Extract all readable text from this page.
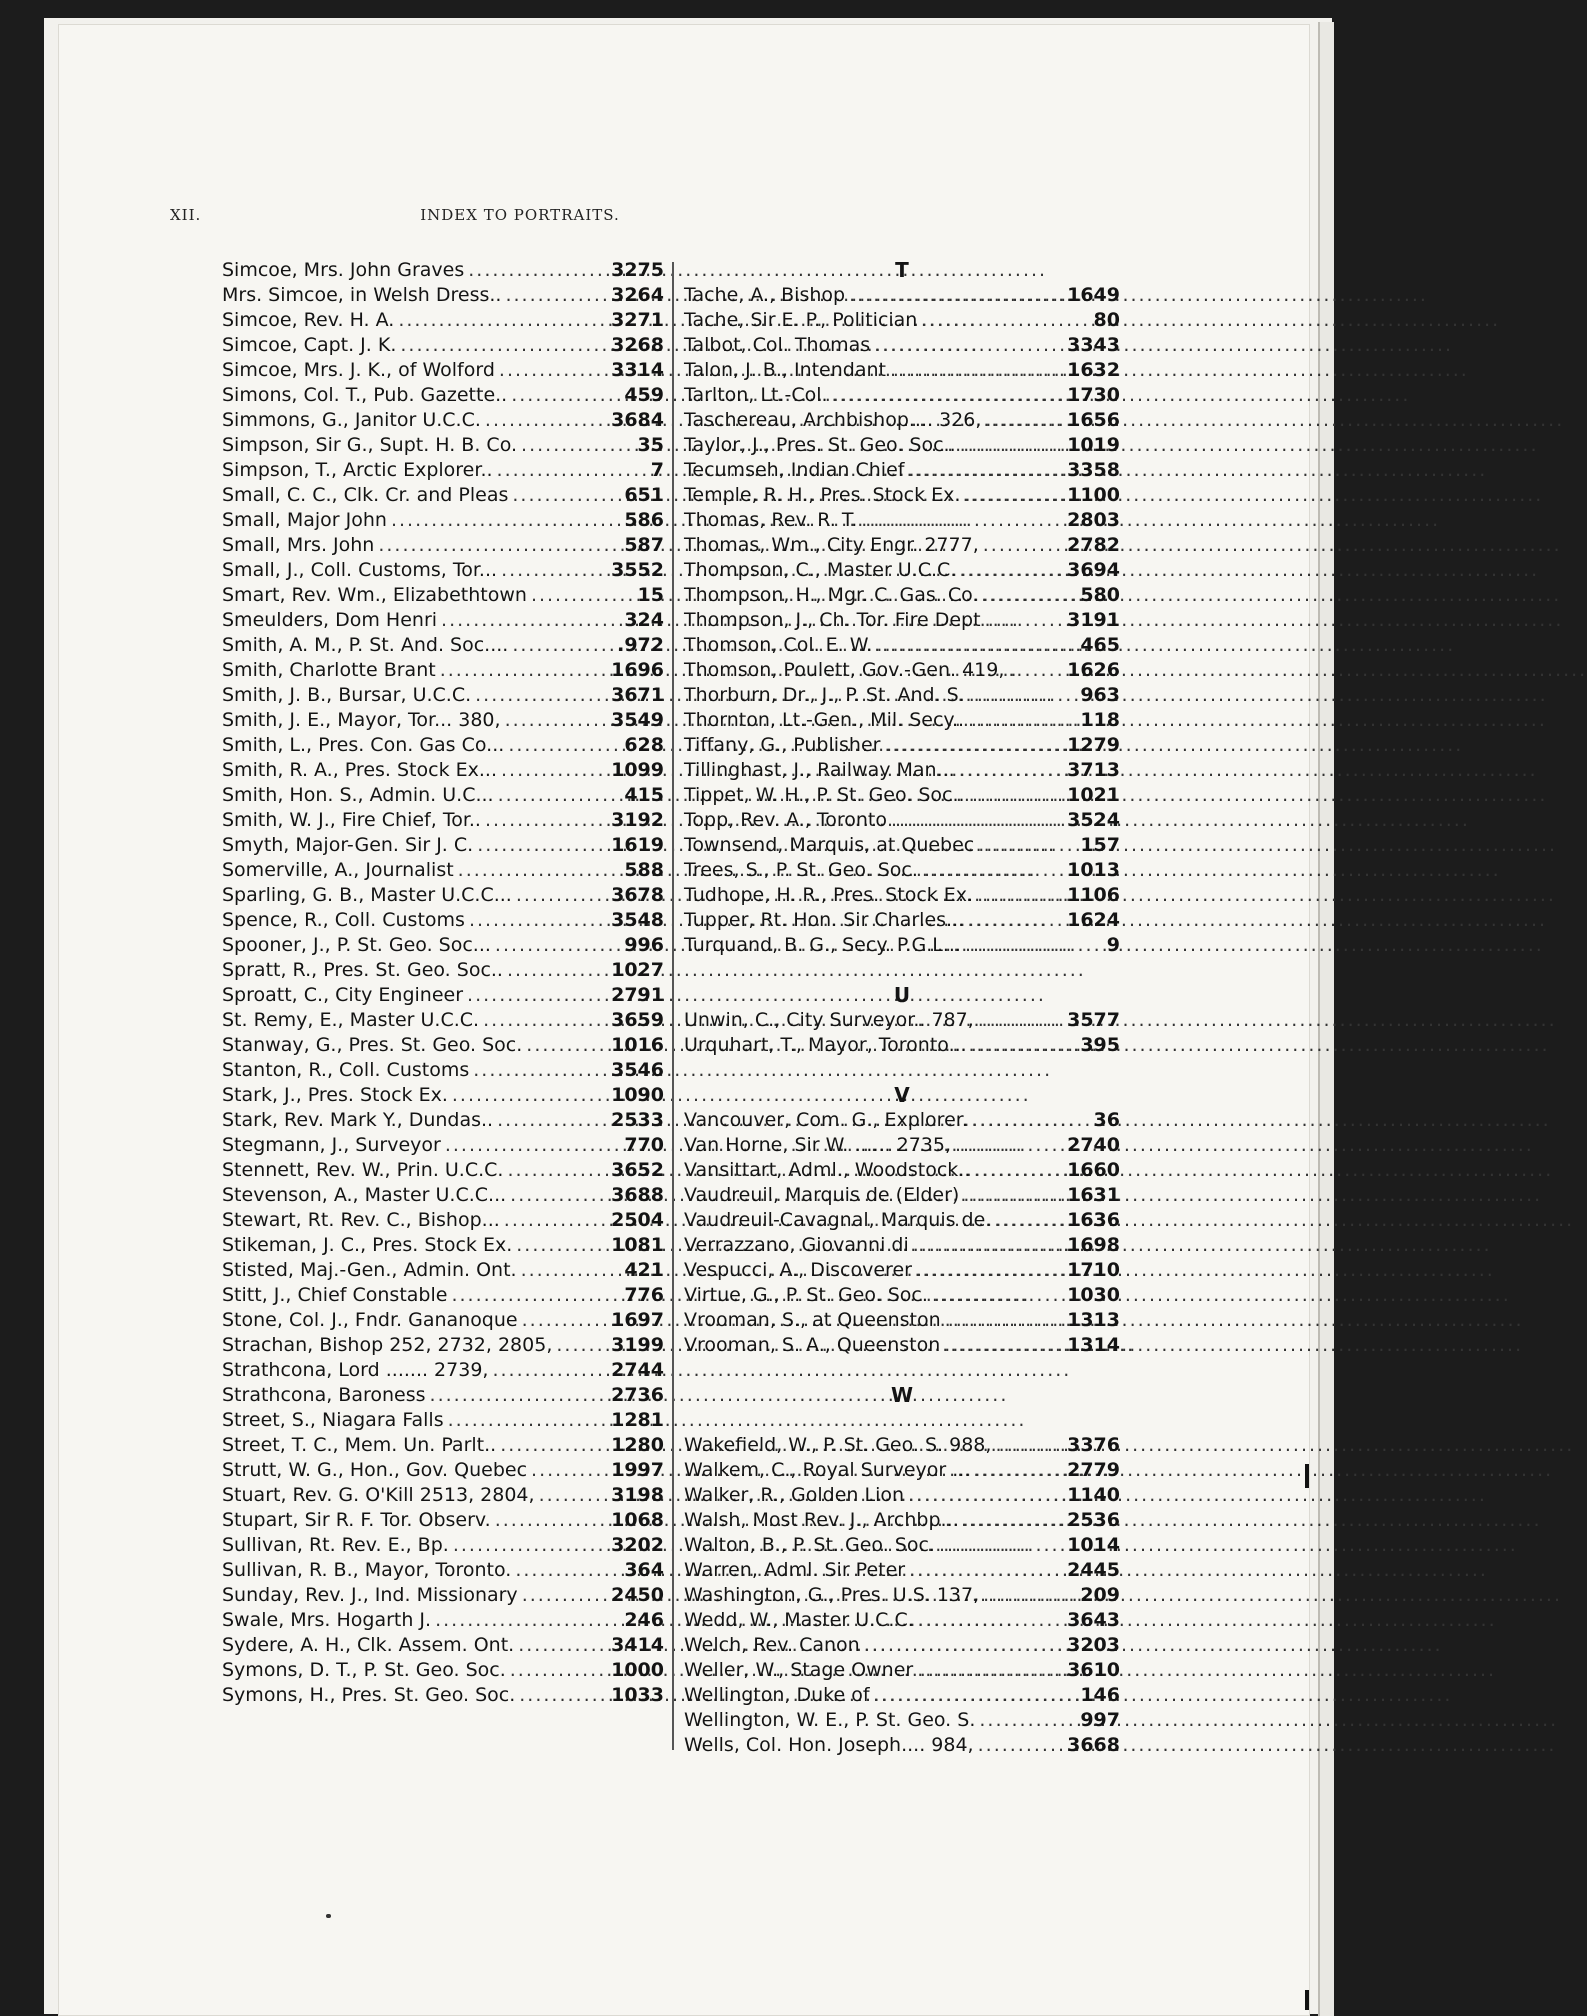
XII.	INDEX TO PORTRAITS.
Simcoe, Mrs. John Graves .....	3275
Mrs. Simcoe, in Welsh Dress.. .....	3264
Simcoe, Rev. H. A. .....	3271
Simcoe, Capt. J. K. .....	3268
Simcoe, Mrs. J. K., of Wolford .....	3314
Simons, Col. T., Pub. Gazette.. .....	459
Simmons, G., Janitor U.C.C. .....	3684
Simpson, Sir G., Supt. H. B. Co. .....	35
Simpson, T., Arctic Explorer.. .....	7
Small, C. C., Clk. Cr. and Pleas .....	651
Small, Major John .....	586
Small, Mrs. John .....	587
Small, J., Coll. Customs, Tor... .....	3552
Smart, Rev. Wm., Elizabethtown .....	15
Smeulders, Dom Henri .....	324
Smith, A. M., P. St. And. Soc.... .....	.972
Smith, Charlotte Brant .....	1696
Smith, J. B., Bursar, U.C.C. .....	3671
Smith, J. E., Mayor, Tor... 380, .....	3549
Smith, L., Pres. Con. Gas Co... .....	628
Smith, R. A., Pres. Stock Ex... .....	1099
Smith, Hon. S., Admin. U.C... .....	415
Smith, W. J., Fire Chief, Tor.. .....	3192
Smyth, Major-Gen. Sir J. C. .....	1619
Somerville, A., Journalist .....	588
Sparling, G. B., Master U.C.C... .....	3678
Spence, R., Coll. Customs .....	3548
Spooner, J., P. St. Geo. Soc... .....	996
Spratt, R., Pres. St. Geo. Soc.. .....	1027
Sproatt, C., City Engineer .....	2791
St. Remy, E., Master U.C.C. .....	3659
Stanway, G., Pres. St. Geo. Soc. .....	1016
Stanton, R., Coll. Customs .....	3546
Stark, J., Pres. Stock Ex. .....	1090
Stark, Rev. Mark Y., Dundas.. .....	2533
Stegmann, J., Surveyor .....	770
Stennett, Rev. W., Prin. U.C.C. .....	3652
Stevenson, A., Master U.C.C... .....	3688
Stewart, Rt. Rev. C., Bishop... .....	2504
Stikeman, J. C., Pres. Stock Ex. .....	1081
Stisted, Maj.-Gen., Admin. Ont. .....	421
Stitt, J., Chief Constable .....	776
Stone, Col. J., Fndr. Gananoque .....	1697
Strachan, Bishop 252, 2732, 2805, .....	3199
Strathcona, Lord ....... 2739, .....	2744
Strathcona, Baroness .....	2736
Street, S., Niagara Falls .....	1281
Street, T. C., Mem. Un. Parlt.. .....	1280
Strutt, W. G., Hon., Gov. Quebec .....	1997
Stuart, Rev. G. O'Kill 2513, 2804, .....	3198
Stupart, Sir R. F. Tor. Observ. .....	1068
Sullivan, Rt. Rev. E., Bp. .....	3202
Sullivan, R. B., Mayor, Toronto. .....	364
Sunday, Rev. J., Ind. Missionary .....	2450
Swale, Mrs. Hogarth J. .....	246
Sydere, A. H., Clk. Assem. Ont. .....	3414
Symons, D. T., P. St. Geo. Soc. .....	1000
Symons, H., Pres. St. Geo. Soc. .....	1033
T
Tache, A., Bishop .....	1649
Tache, Sir E. P., Politician .....	80
Talbot, Col. Thomas .....	3343
Talon, J. B., Intendant .....	1632
Tarlton, Lt.-Col. .....	1730
Taschereau, Archbishop.... 326, .....	1656
Taylor, J., Pres. St. Geo. Soc.. .....	1019
Tecumseh, Indian Chief .....	3358
Temple, R. H., Pres. Stock Ex. .....	1100
Thomas, Rev. R. T. .....	2803
Thomas, Wm., City Engr. 2777, .....	2782
Thompson, C., Master U.C.C. .....	3694
Thompson, H., Mgr. C. Gas. Co. .....	580
Thompson, J., Ch. Tor. Fire Dept .....	3191
Thomson, Col. E. W. .....	465
Thomson, Poulett, Gov.-Gen. 419, .....	1626
Thorburn, Dr., J., P. St. And. S. .....	963
Thornton, Lt.-Gen., Mil. Secy.. .....	118
Tiffany, G., Publisher .....	1279
Tillinghast, J., Railway Man... .....	3713
Tippet, W. H., P. St. Geo. Soc.. .....	1021
Topp, Rev. A., Toronto .....	3524
Townsend, Marquis, at Quebec .....	157
Trees, S., P. St. Geo. Soc. .....	1013
Tudhope, H. R., Pres. Stock Ex. .....	1106
Tupper, Rt. Hon. Sir Charles... .....	1624
Turquand, B. G., Secy. P.G.L... .....	9
U
Unwin, C., City Surveyor.. 787, .....	3577
Urquhart, T., Mayor, Toronto... .....	395
V
Vancouver, Com. G., Explorer. .....	36
Van Horne, Sir W. ...... 2735, .....	2740
Vansittart, Adml., Woodstock.. .....	1660
Vaudreuil, Marquis de (Elder) .....	1631
Vaudreuil-Cavagnal, Marquis de. .....	1636
Verrazzano, Giovanni di .....	1698
Vespucci, A., Discoverer .....	1710
Virtue, G., P. St. Geo. Soc. .....	1030
Vrooman, S., at Queenston .....	1313
Vrooman, S. A., Queenston .....	1314
W
Wakefield, W., P. St. Geo. S. 988, .....	3376
Walkem, C., Royal Surveyor ... .....	2779
Walker, R., Golden Lion .....	1140
Walsh, Most Rev. J., Archbp... .....	2536
Walton, B., P. St. Geo. Soc. .....	1014
Warren, Adml. Sir Peter .....	2445
Washington, G., Pres. U.S. 137, .....	209
Wedd, W., Master U.C.C. .....	3643
Welch, Rev. Canon .....	3203
Weller, W., Stage Owner .....	3610
Wellington, Duke of .....	146
Wellington, W. E., P. St. Geo. S. .....	997
Wells, Col. Hon. Joseph.... 984, .....	3668
